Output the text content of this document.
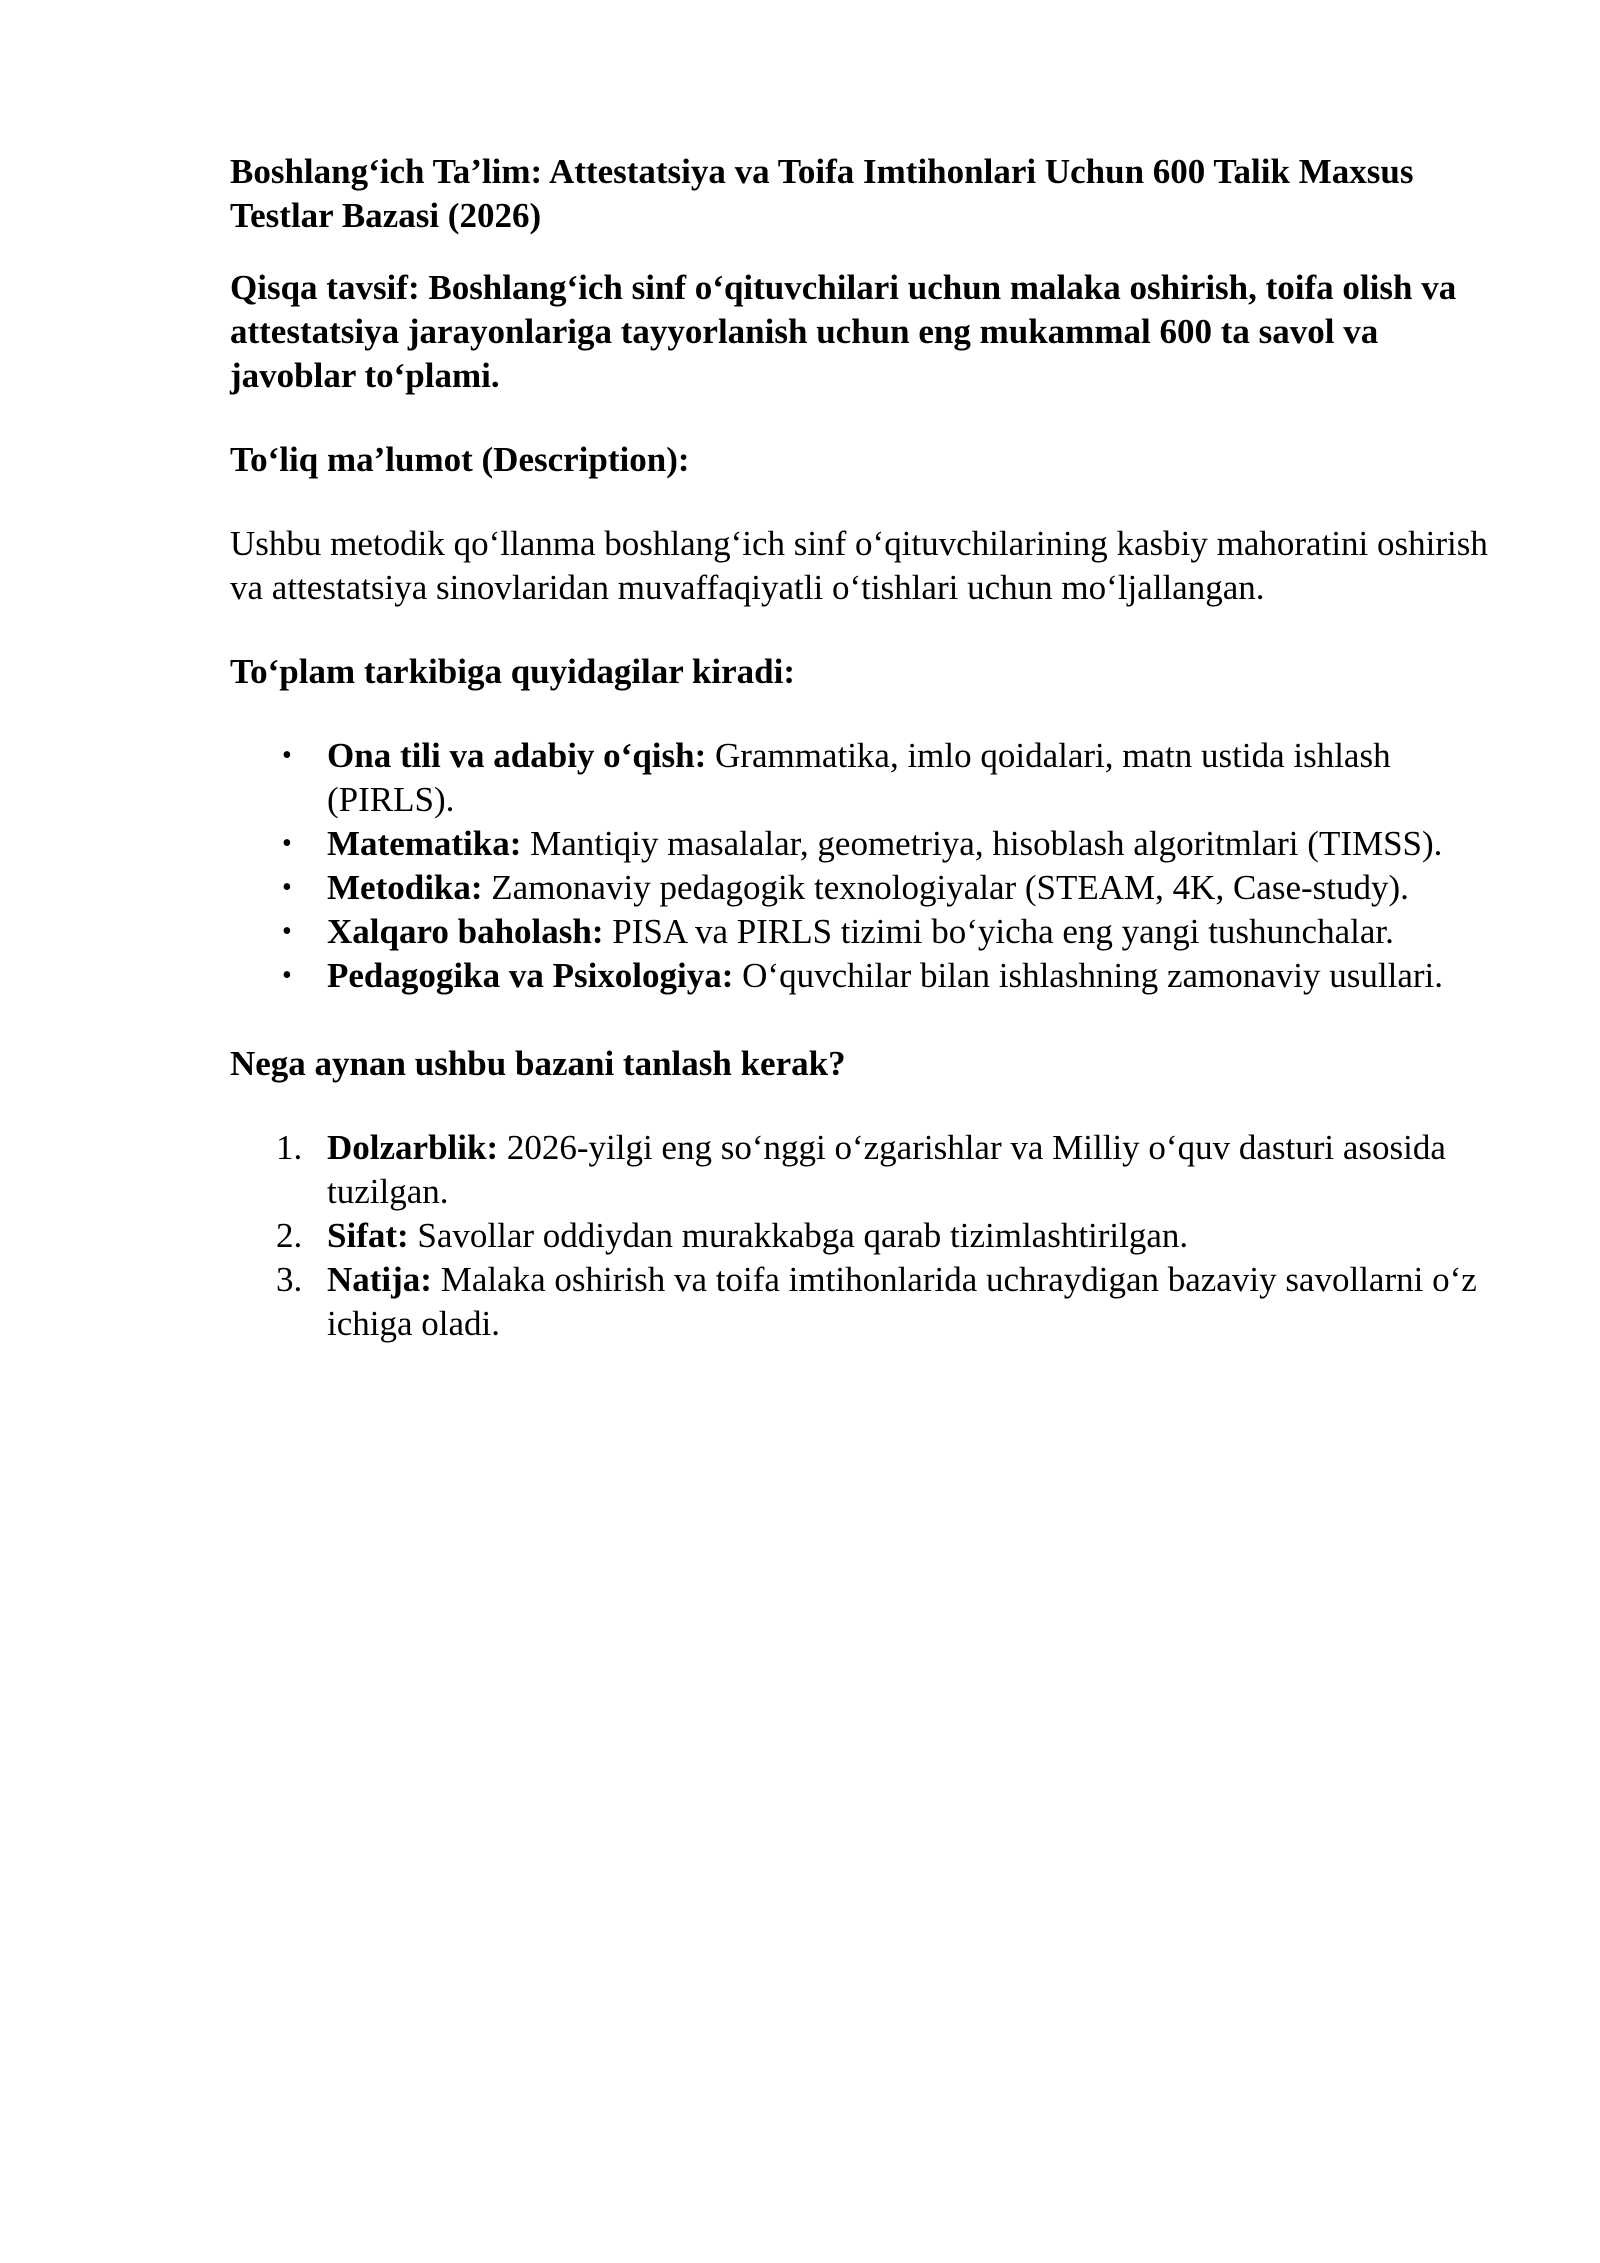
Boshlang‘ich Ta’lim: Attestatsiya va Toifa Imtihonlari Uchun 600 Talik Maxsus Testlar Bazasi (2026)
Qisqa tavsif: Boshlang‘ich sinf o‘qituvchilari uchun malaka oshirish, toifa olish va attestatsiya jarayonlariga tayyorlanish uchun eng mukammal 600 ta savol va javoblar to‘plami.
To‘liq ma’lumot (Description):
Ushbu metodik qo‘llanma boshlang‘ich sinf o‘qituvchilarining kasbiy mahoratini oshirish va attestatsiya sinovlaridan muvaffaqiyatli o‘tishlari uchun mo‘ljallangan.
To‘plam tarkibiga quyidagilar kiradi:
• Ona tili va adabiy o‘qish: Grammatika, imlo qoidalari, matn ustida ishlash (PIRLS).
• Matematika: Mantiqiy masalalar, geometriya, hisoblash algoritmlari (TIMSS).
• Metodika: Zamonaviy pedagogik texnologiyalar (STEAM, 4K, Case-study).
• Xalqaro baholash: PISA va PIRLS tizimi bo‘yicha eng yangi tushunchalar.
• Pedagogika va Psixologiya: O‘quvchilar bilan ishlashning zamonaviy usullari.
Nega aynan ushbu bazani tanlash kerak?
1. Dolzarblik: 2026-yilgi eng so‘nggi o‘zgarishlar va Milliy o‘quv dasturi asosida tuzilgan.
2. Sifat: Savollar oddiydan murakkabga qarab tizimlashtirilgan.
3. Natija: Malaka oshirish va toifa imtihonlarida uchraydigan bazaviy savollarni o‘z ichiga oladi.
